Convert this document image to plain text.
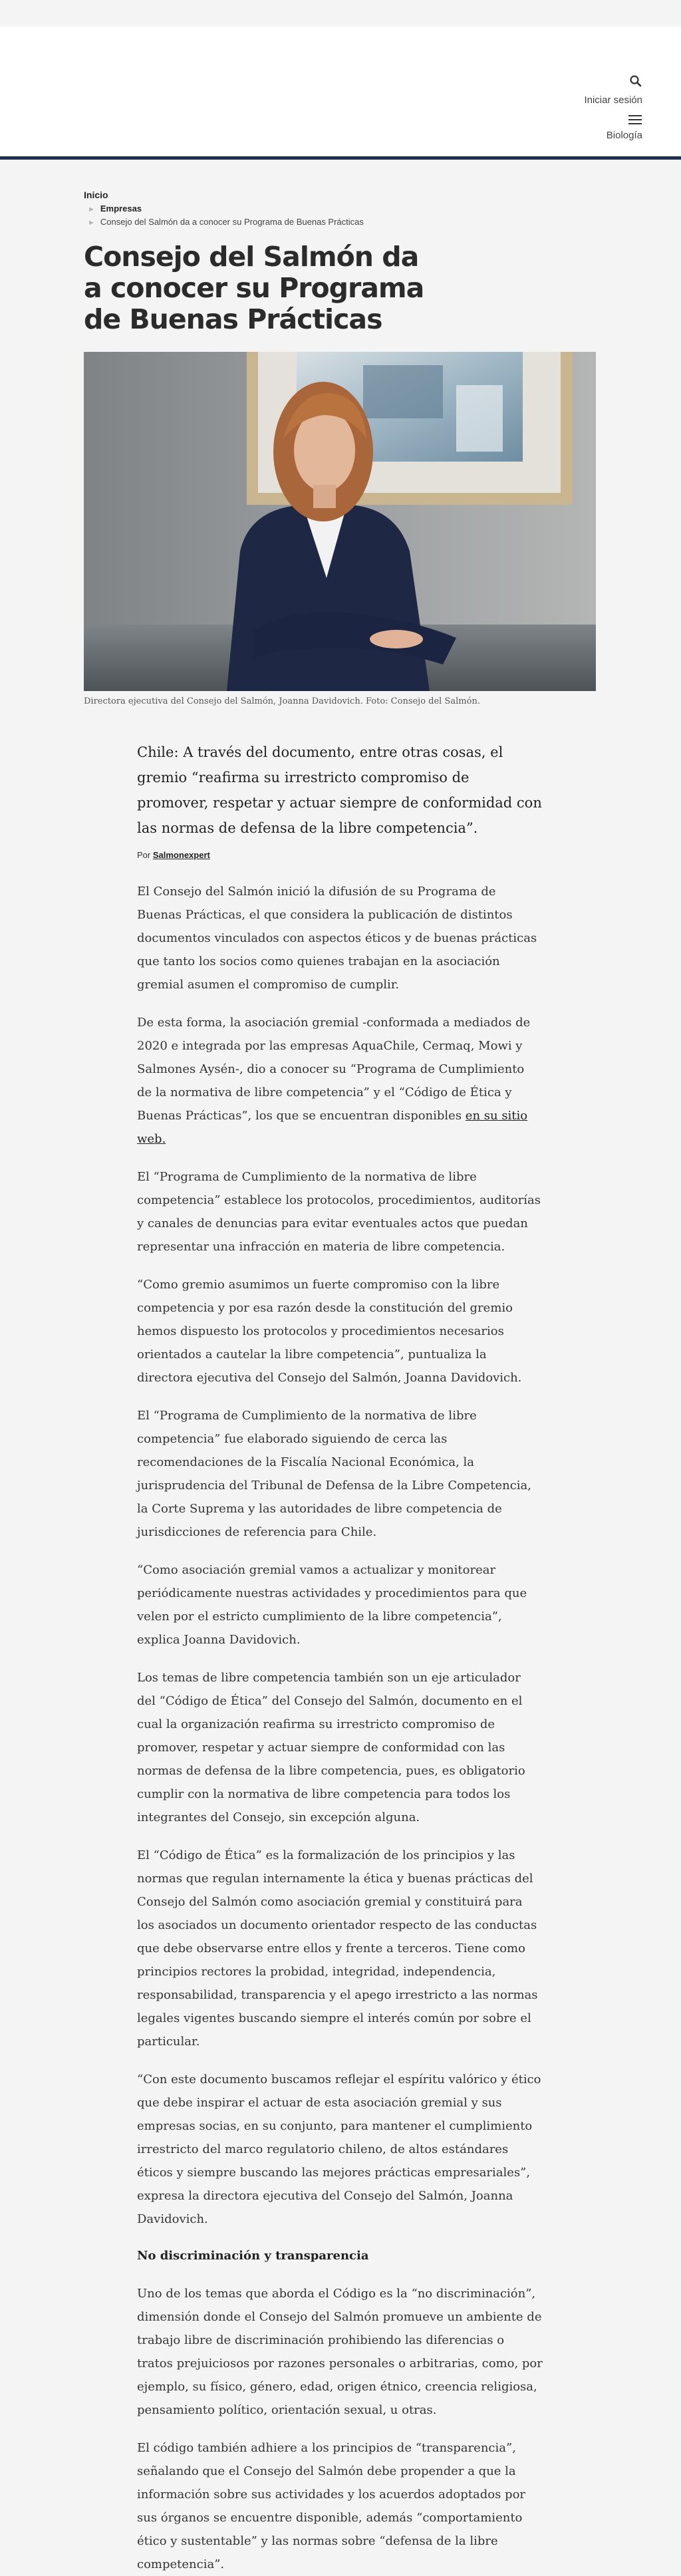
Iniciar sesión
Biología
Inicio
► Empresas
► Consejo del Salmón da a conocer su Programa de Buenas Prácticas
Consejo del Salmón da a conocer su Programa de Buenas Prácticas
Directora ejecutiva del Consejo del Salmón, Joanna Davidovich. Foto: Consejo del Salmón.
Chile: A través del documento, entre otras cosas, el gremio “reafirma su irrestricto compromiso de promover, respetar y actuar siempre de conformidad con las normas de defensa de la libre competencia”.
Por Salmonexpert

El Consejo del Salmón inició la difusión de su Programa de Buenas Prácticas, el que considera la publicación de distintos documentos vinculados con aspectos éticos y de buenas prácticas que tanto los socios como quienes trabajan en la asociación gremial asumen el compromiso de cumplir.

De esta forma, la asociación gremial -conformada a mediados de 2020 e integrada por las empresas AquaChile, Cermaq, Mowi y Salmones Aysén-, dio a conocer su “Programa de Cumplimiento de la normativa de libre competencia” y el “Código de Ética y Buenas Prácticas”, los que se encuentran disponibles en su sitio web.

El “Programa de Cumplimiento de la normativa de libre competencia” establece los protocolos, procedimientos, auditorías y canales de denuncias para evitar eventuales actos que puedan representar una infracción en materia de libre competencia.

“Como gremio asumimos un fuerte compromiso con la libre competencia y por esa razón desde la constitución del gremio hemos dispuesto los protocolos y procedimientos necesarios orientados a cautelar la libre competencia”, puntualiza la directora ejecutiva del Consejo del Salmón, Joanna Davidovich.

El “Programa de Cumplimiento de la normativa de libre competencia” fue elaborado siguiendo de cerca las recomendaciones de la Fiscalía Nacional Económica, la jurisprudencia del Tribunal de Defensa de la Libre Competencia, la Corte Suprema y las autoridades de libre competencia de jurisdicciones de referencia para Chile.

“Como asociación gremial vamos a actualizar y monitorear periódicamente nuestras actividades y procedimientos para que velen por el estricto cumplimiento de la libre competencia”, explica Joanna Davidovich.

Los temas de libre competencia también son un eje articulador del “Código de Ética” del Consejo del Salmón, documento en el cual la organización reafirma su irrestricto compromiso de promover, respetar y actuar siempre de conformidad con las normas de defensa de la libre competencia, pues, es obligatorio cumplir con la normativa de libre competencia para todos los integrantes del Consejo, sin excepción alguna.

El “Código de Ética” es la formalización de los principios y las normas que regulan internamente la ética y buenas prácticas del Consejo del Salmón como asociación gremial y constituirá para los asociados un documento orientador respecto de las conductas que debe observarse entre ellos y frente a terceros. Tiene como principios rectores la probidad, integridad, independencia, responsabilidad, transparencia y el apego irrestricto a las normas legales vigentes buscando siempre el interés común por sobre el particular.

“Con este documento buscamos reflejar el espíritu valórico y ético que debe inspirar el actuar de esta asociación gremial y sus empresas socias, en su conjunto, para mantener el cumplimiento irrestricto del marco regulatorio chileno, de altos estándares éticos y siempre buscando las mejores prácticas empresariales”, expresa la directora ejecutiva del Consejo del Salmón, Joanna Davidovich.

No discriminación y transparencia

Uno de los temas que aborda el Código es la “no discriminación”, dimensión donde el Consejo del Salmón promueve un ambiente de trabajo libre de discriminación prohibiendo las diferencias o tratos prejuiciosos por razones personales o arbitrarias, como, por ejemplo, su físico, género, edad, origen étnico, creencia religiosa, pensamiento político, orientación sexual, u otras.

El código también adhiere a los principios de “transparencia”, señalando que el Consejo del Salmón debe propender a que la información sobre sus actividades y los acuerdos adoptados por sus órganos se encuentre disponible, además “comportamiento ético y sustentable” y las normas sobre “defensa de la libre competencia”.
